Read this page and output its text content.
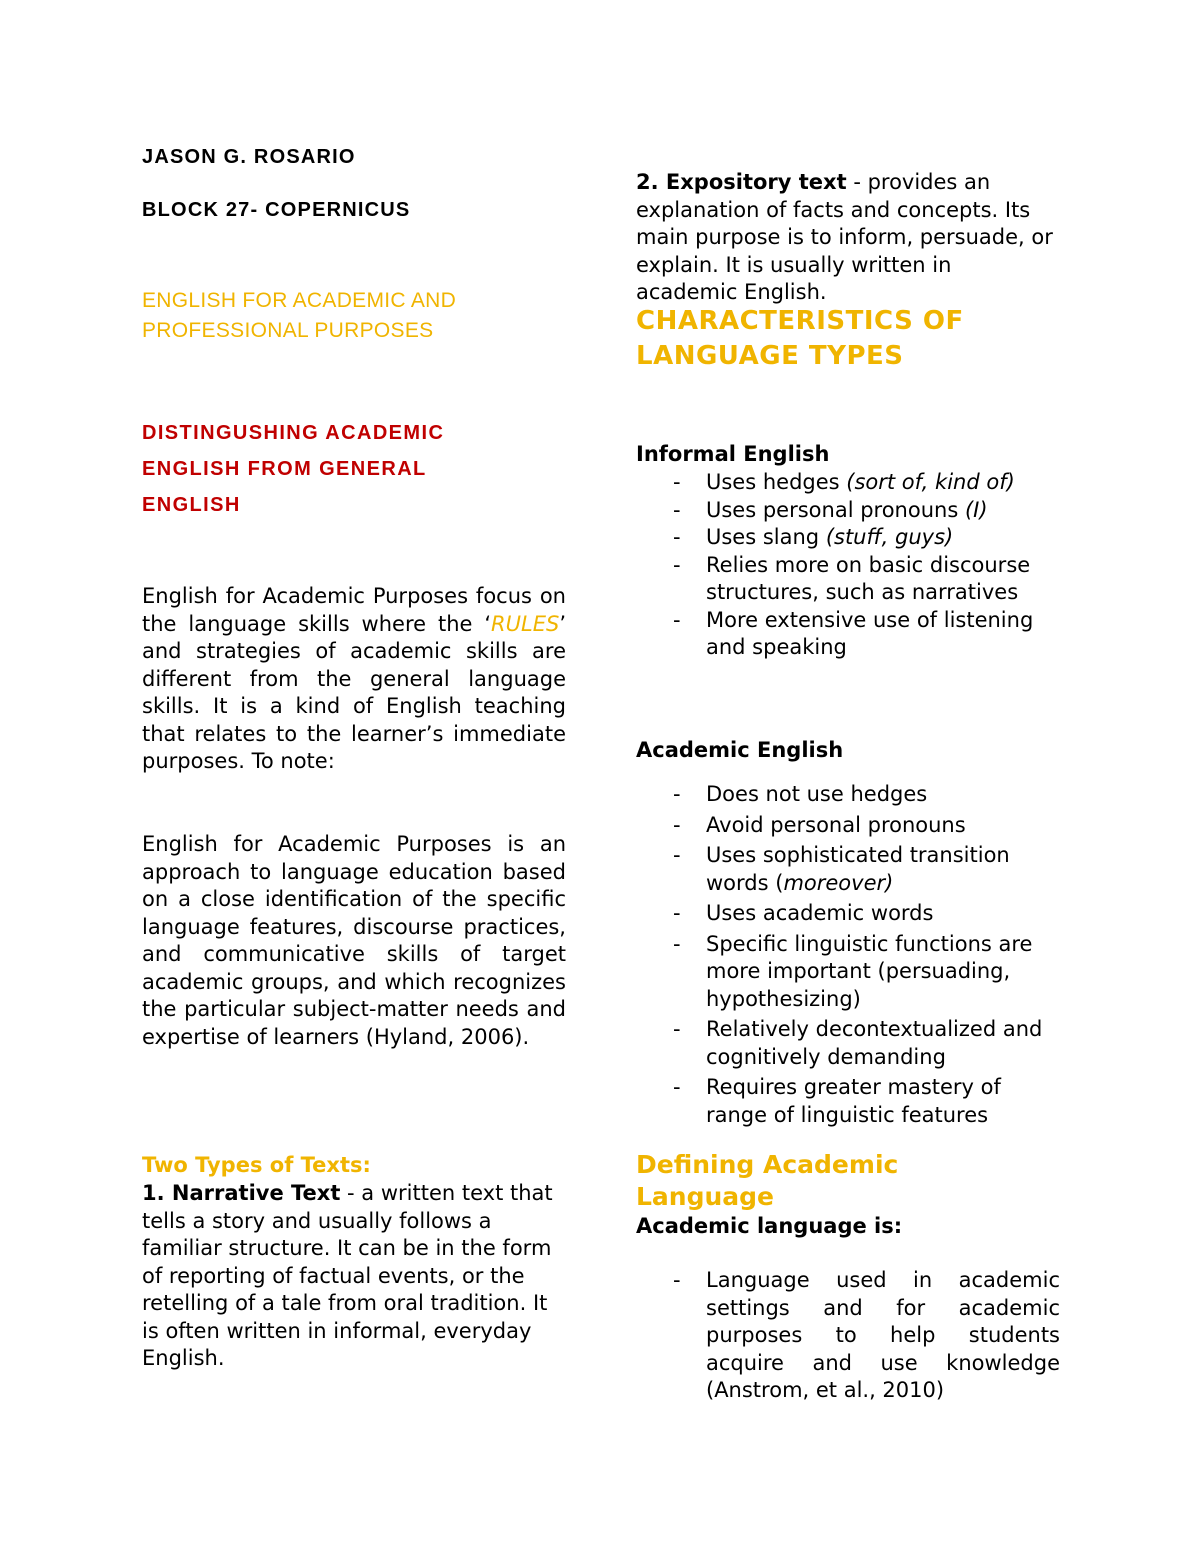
JASON G. ROSARIO

BLOCK 27- COPERNICUS

ENGLISH FOR ACADEMIC AND
PROFESSIONAL PURPOSES
DISTINGUSHING ACADEMIC
ENGLISH FROM GENERAL
ENGLISH

English for Academic Purposes focus on the language skills where the ‘RULES’ and strategies of academic skills are different from the general language skills. It is a kind of English teaching that relates to the learner’s immediate purposes. To note:

English for Academic Purposes is an approach to language education based on a close identification of the specific language features, discourse practices, and communicative skills of target academic groups, and which recognizes the particular subject-matter needs and expertise of learners (Hyland, 2006).

Two Types of Texts:

1. Narrative Text - a written text that tells a story and usually follows a familiar structure. It can be in the form of reporting of factual events, or the retelling of a tale from oral tradition. It is often written in informal, everyday English.

2. Expository text - provides an explanation of facts and concepts. Its main purpose is to inform, persuade, or explain. It is usually written in academic English.

CHARACTERISTICS OF
LANGUAGE TYPES

Informal English

- Uses hedges (sort of, kind of)
- Uses personal pronouns (I)
- Uses slang (stuff, guys)
- Relies more on basic discourse structures, such as narratives
- More extensive use of listening and speaking

Academic English

- Does not use hedges
- Avoid personal pronouns
- Uses sophisticated transition words (moreover)
- Uses academic words
- Specific linguistic functions are more important (persuading, hypothesizing)
- Relatively decontextualized and cognitively demanding
- Requires greater mastery of range of linguistic features

Defining Academic Language

Academic language is:

- Language used in academic settings and for academic purposes to help students acquire and use knowledge (Anstrom, et al., 2010)
